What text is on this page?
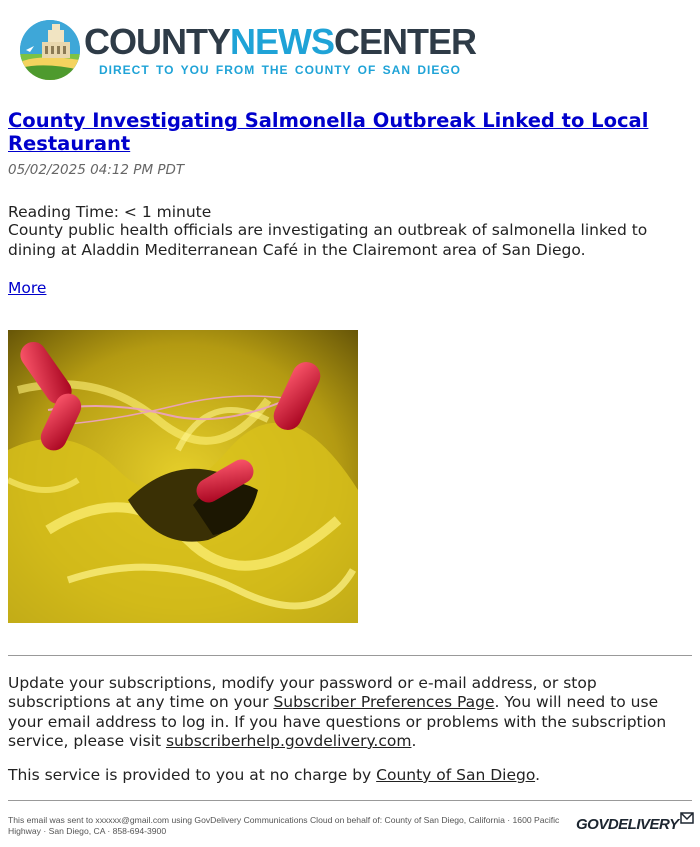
COUNTYNEWSCENTER
DIRECT TO YOU FROM THE COUNTY OF SAN DIEGO
County Investigating Salmonella Outbreak Linked to Local Restaurant
05/02/2025 04:12 PM PDT
Reading Time: < 1 minute
County public health officials are investigating an outbreak of salmonella linked to dining at Aladdin Mediterranean Café in the Clairemont area of San Diego.
More
Update your subscriptions, modify your password or e-mail address, or stop subscriptions at any time on your Subscriber Preferences Page. You will need to use your email address to log in. If you have questions or problems with the subscription service, please visit subscriberhelp.govdelivery.com.
This service is provided to you at no charge by County of San Diego.
This email was sent to xxxxxx@gmail.com using GovDelivery Communications Cloud on behalf of: County of San Diego, California · 1600 Pacific Highway · San Diego, CA · 858-694-3900	GOVDELIVERY
